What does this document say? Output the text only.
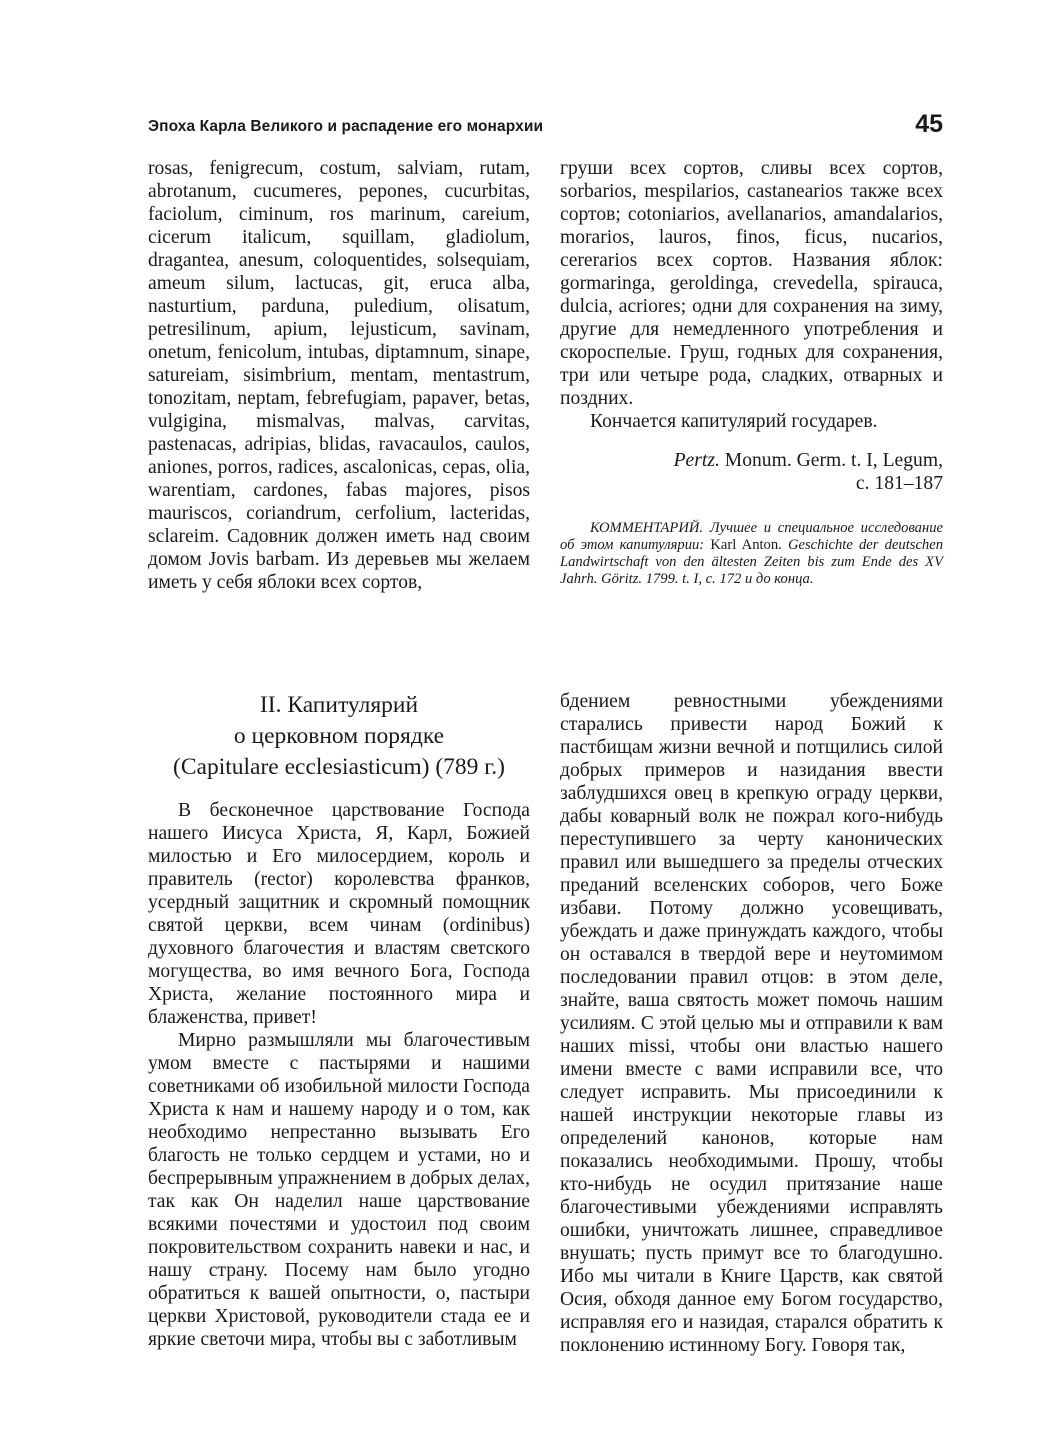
Эпоха Карла Великого и распадение его монархии	45

rosas, fenigrecum, costum, salviam, rutam, abrotanum, cucumeres, pepones, cucurbitas, faciolum, ciminum, ros marinum, careium, cicerum italicum, squillam, gladiolum, dragantea, anesum, coloquentides, solsequiam, ameum silum, lactucas, git, eruca alba, nasturtium, parduna, puledium, olisatum, petresilinum, apium, lejusticum, savinam, onetum, fenicolum, intubas, diptamnum, sinape, satureiam, sisimbrium, mentam, mentastrum, tonozitam, neptam, febrefugiam, papaver, betas, vulgigina, mismalvas, malvas, carvitas, pastenacas, adripias, blidas, ravacaulos, caulos, aniones, porros, radices, ascalonicas, cepas, olia, warentiam, cardones, fabas majores, pisos mauriscos, coriandrum, cerfolium, lacteridas, sclareim. Садовник должен иметь над своим домом Jovis barbam. Из деревьев мы желаем иметь у себя яблоки всех сортов,

груши всех сортов, сливы всех сортов, sorbarios, mespilarios, castanearios также всех сортов; cotoniarios, avellanarios, amandalarios, morarios, lauros, finos, ficus, nucarios, cererarios всех сортов. Названия яблок: gormaringa, geroldinga, crevedella, spirauca, dulcia, acriores; одни для сохранения на зиму, другие для немедленного употребления и скороспелые. Груш, годных для сохранения, три или четыре рода, сладких, отварных и поздних.

Кончается капитулярий государев.

Pertz. Monum. Germ. t. I, Legum,
c. 181–187

КОММЕНТАРИЙ. Лучшее и специальное исследование об этом капитулярии: Karl Anton. Geschichte der deutschen Landwirtschaft von den ältesten Zeiten bis zum Ende des XV Jahrh. Göritz. 1799. t. I, c. 172 и до конца.

II. Капитулярий
о церковном порядке
(Capitulare ecclesiasticum) (789 г.)

В бесконечное царствование Господа нашего Иисуса Христа, Я, Карл, Божией милостью и Его милосердием, король и правитель (rector) королевства франков, усердный защитник и скромный помощник святой церкви, всем чинам (ordinibus) духовного благочестия и властям светского могущества, во имя вечного Бога, Господа Христа, желание постоянного мира и блаженства, привет!

Мирно размышляли мы благочестивым умом вместе с пастырями и нашими советниками об изобильной милости Господа Христа к нам и нашему народу и о том, как необходимо непрестанно вызывать Его благость не только сердцем и устами, но и беспрерывным упражнением в добрых делах, так как Он наделил наше царствование всякими почестями и удостоил под своим покровительством сохранить навеки и нас, и нашу страну. Посему нам было угодно обратиться к вашей опытности, о, пастыри церкви Христовой, руководители стада ее и яркие светочи мира, чтобы вы с заботливым

бдением ревностными убеждениями старались привести народ Божий к пастбищам жизни вечной и потщились силой добрых примеров и назидания ввести заблудшихся овец в крепкую ограду церкви, дабы коварный волк не пожрал кого-нибудь переступившего за черту канонических правил или вышедшего за пределы отческих преданий вселенских соборов, чего Боже избави. Потому должно усовещивать, убеждать и даже принуждать каждого, чтобы он оставался в твердой вере и неутомимом последовании правил отцов: в этом деле, знайте, ваша святость может помочь нашим усилиям. С этой целью мы и отправили к вам наших missi, чтобы они властью нашего имени вместе с вами исправили все, что следует исправить. Мы присоединили к нашей инструкции некоторые главы из определений канонов, которые нам показались необходимыми. Прошу, чтобы кто-нибудь не осудил притязание наше благочестивыми убеждениями исправлять ошибки, уничтожать лишнее, справедливое внушать; пусть примут все то благодушно. Ибо мы читали в Книге Царств, как святой Осия, обходя данное ему Богом государство, исправляя его и назидая, старался обратить к поклонению истинному Богу. Говоря так,
